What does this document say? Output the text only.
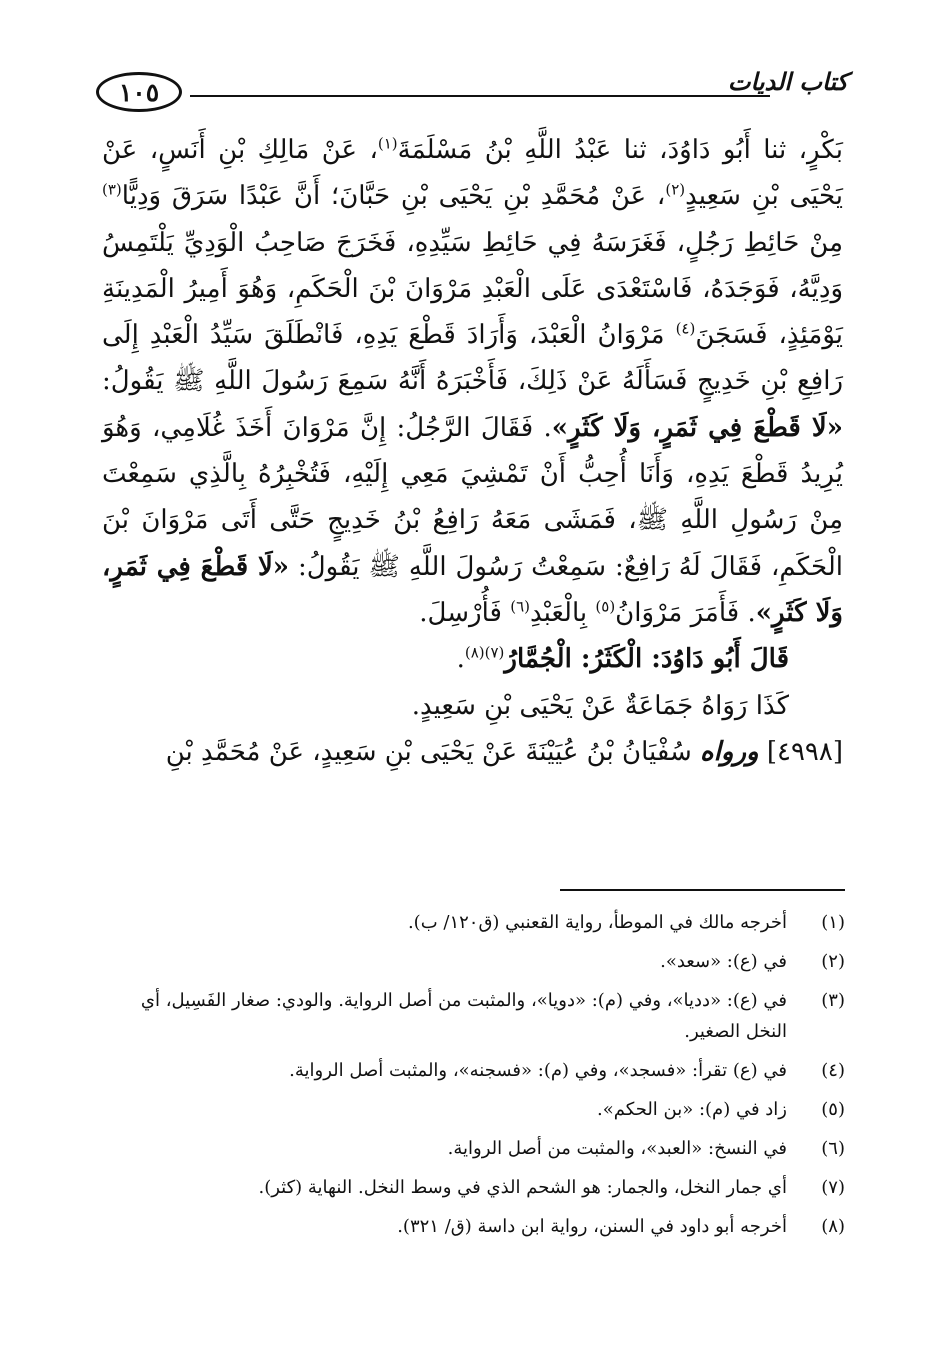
كتاب الديات
١٠٥

بَكْرٍ، ثنا أَبُو دَاوُدَ، ثنا عَبْدُ اللَّهِ بْنُ مَسْلَمَةَ$^{(١)}$، عَنْ مَالِكِ بْنِ أَنَسٍ، عَنْ يَحْيَى بْنِ سَعِيدٍ$^{(٢)}$، عَنْ مُحَمَّدِ بْنِ يَحْيَى بْنِ حَبَّانَ؛ أَنَّ عَبْدًا سَرَقَ وَدِيًّا$^{(٣)}$ مِنْ حَائِطِ رَجُلٍ، فَغَرَسَهُ فِي حَائِطِ سَيِّدِهِ، فَخَرَجَ صَاحِبُ الْوَدِيِّ يَلْتَمِسُ وَدِيَّهُ، فَوَجَدَهُ، فَاسْتَعْدَى عَلَى الْعَبْدِ مَرْوَانَ بْنَ الْحَكَمِ، وَهُوَ أَمِيرُ الْمَدِينَةِ يَوْمَئِذٍ، فَسَجَنَ$^{(٤)}$ مَرْوَانُ الْعَبْدَ، وَأَرَادَ قَطْعَ يَدِهِ، فَانْطَلَقَ سَيِّدُ الْعَبْدِ إِلَى رَافِعِ بْنِ خَدِيجٍ فَسَأَلَهُ عَنْ ذَلِكَ، فَأَخْبَرَهُ أَنَّهُ سَمِعَ رَسُولَ اللَّهِ ﷺ يَقُولُ: «لَا قَطْعَ فِي ثَمَرٍ، وَلَا كَثَرٍ». فَقَالَ الرَّجُلُ: إِنَّ مَرْوَانَ أَخَذَ غُلَامِي، وَهُوَ يُرِيدُ قَطْعَ يَدِهِ، وَأَنَا أُحِبُّ أَنْ تَمْشِيَ مَعِي إِلَيْهِ، فَتُخْبِرُهُ بِالَّذِي سَمِعْتَ مِنْ رَسُولِ اللَّهِ ﷺ، فَمَشَى مَعَهُ رَافِعُ بْنُ خَدِيجٍ حَتَّى أَتَى مَرْوَانَ بْنَ الْحَكَمِ، فَقَالَ لَهُ رَافِعٌ: سَمِعْتُ رَسُولَ اللَّهِ ﷺ يَقُولُ: «لَا قَطْعَ فِي ثَمَرٍ، وَلَا كَثَرٍ». فَأَمَرَ مَرْوَانُ$^{(٥)}$ بِالْعَبْدِ$^{(٦)}$ فَأُرْسِلَ.

قَالَ أَبُو دَاوُدَ: الْكَثَرُ: الْجُمَّارُ$^{(٧)(٨)}$.

كَذَا رَوَاهُ جَمَاعَةٌ عَنْ يَحْيَى بْنِ سَعِيدٍ.

[٤٩٩٨] ورواه سُفْيَانُ بْنُ عُيَيْنَةَ عَنْ يَحْيَى بْنِ سَعِيدٍ، عَنْ مُحَمَّدِ بْنِ

(١)
أخرجه مالك في الموطأ، رواية القعنبي (ق١٢٠/ ب).
(٢)
في (ع): «سعد».
(٣)
في (ع): «دديا»، وفي (م): «دويا»، والمثبت من أصل الرواية. والودي: صغار الفَسِيل، أي النخل الصغير.
(٤)
في (ع) تقرأ: «فسجد»، وفي (م): «فسجنه»، والمثبت أصل الرواية.
(٥)
زاد في (م): «بن الحكم».
(٦)
في النسخ: «العبد»، والمثبت من أصل الرواية.
(٧)
أي جمار النخل، والجمار: هو الشحم الذي في وسط النخل. النهاية (كثر).
(٨)
أخرجه أبو داود في السنن، رواية ابن داسة (ق/ ٣٢١).
